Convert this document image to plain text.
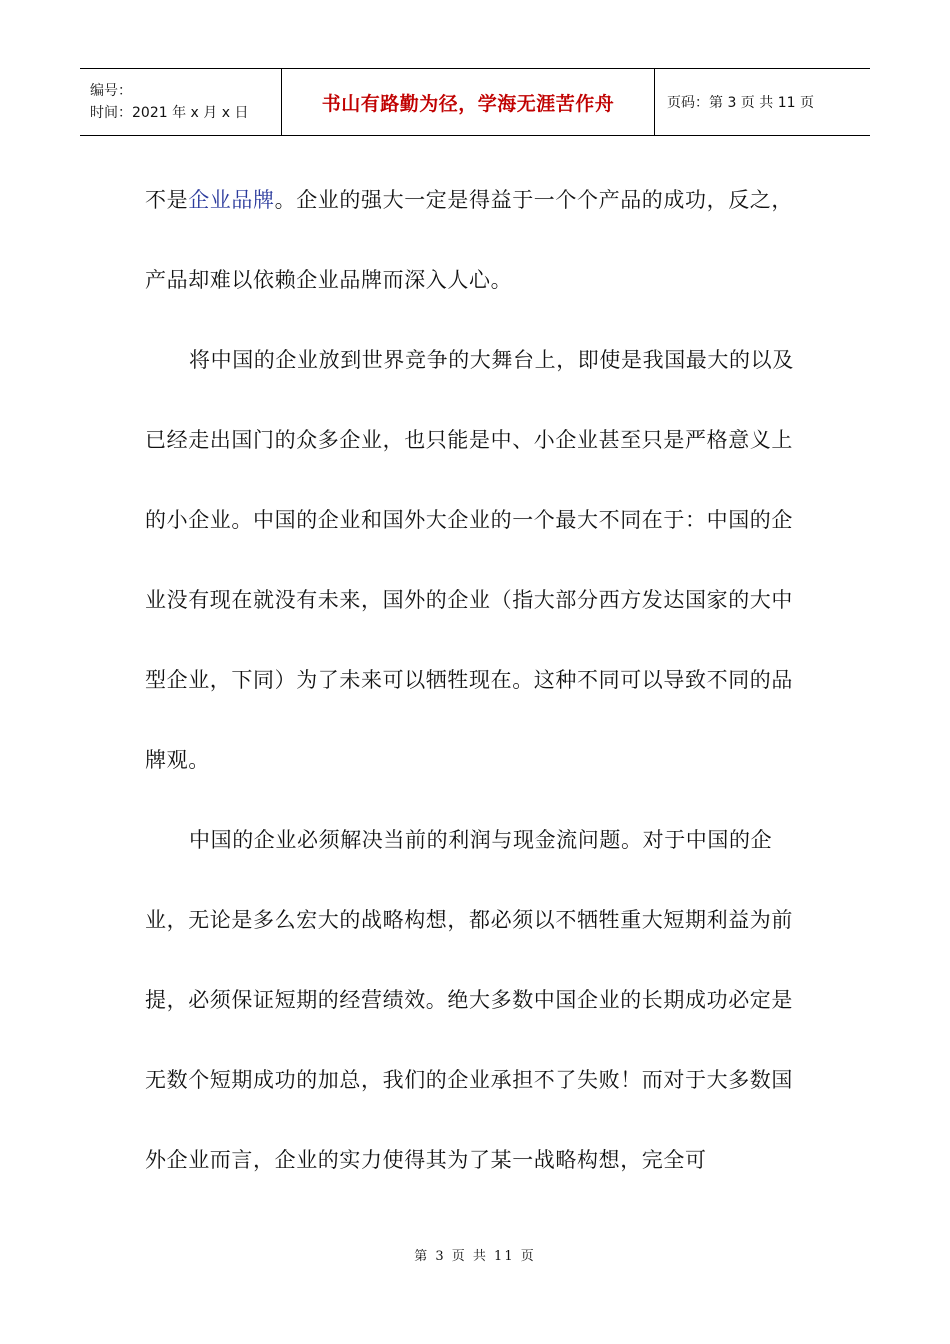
编号：
时间：2021 年 x 月 x 日	书山有路勤为径，学海无涯苦作舟	页码：第 3 页 共 11 页

不是企业品牌。企业的强大一定是得益于一个个产品的成功，反之，产品却难以依赖企业品牌而深入人心。

将中国的企业放到世界竞争的大舞台上，即使是我国最大的以及已经走出国门的众多企业，也只能是中、小企业甚至只是严格意义上的小企业。中国的企业和国外大企业的一个最大不同在于：中国的企业没有现在就没有未来，国外的企业（指大部分西方发达国家的大中型企业，下同）为了未来可以牺牲现在。这种不同可以导致不同的品牌观。

中国的企业必须解决当前的利润与现金流问题。对于中国的企业，无论是多么宏大的战略构想，都必须以不牺牲重大短期利益为前提，必须保证短期的经营绩效。绝大多数中国企业的长期成功必定是无数个短期成功的加总，我们的企业承担不了失败！而对于大多数国外企业而言，企业的实力使得其为了某一战略构想，完全可

第 3 页 共 11 页
